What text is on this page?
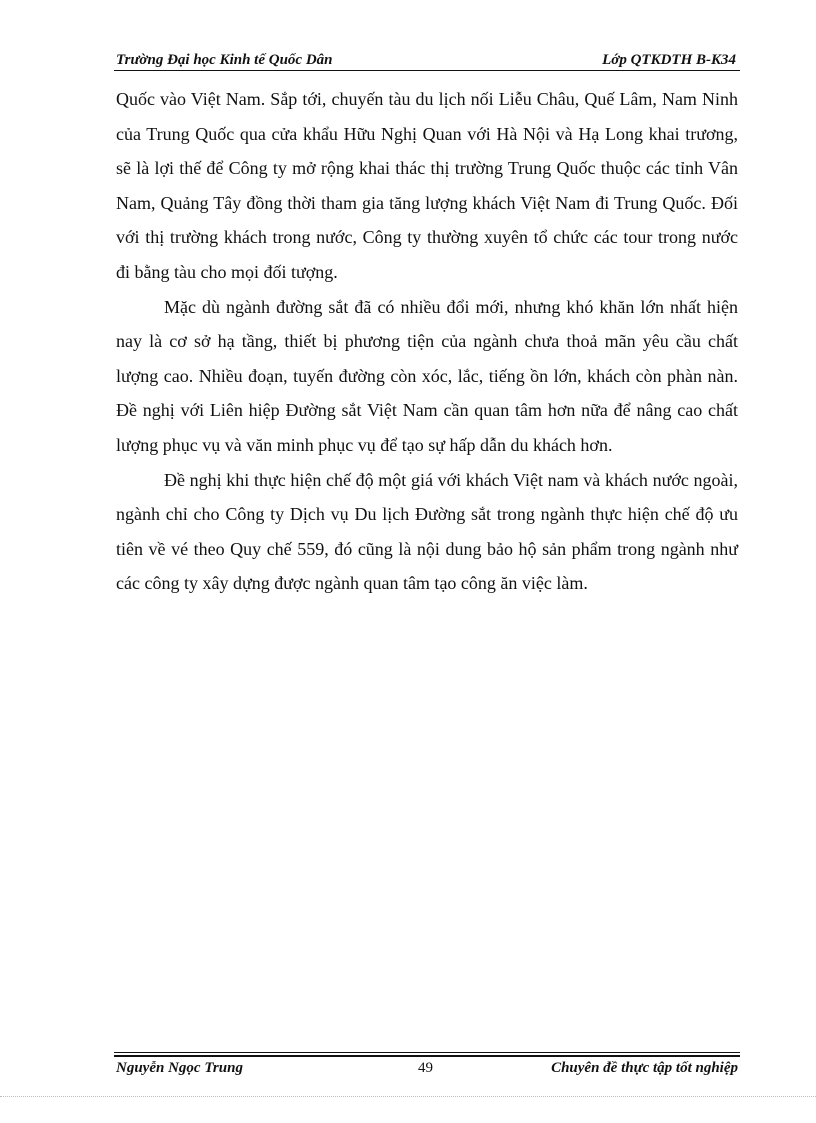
Trường Đại học Kinh tế Quốc Dân	Lớp QTKDTH B-K34

Quốc vào Việt Nam. Sắp tới, chuyến tàu du lịch nối Liễu Châu, Quế Lâm, Nam Ninh của Trung Quốc qua cửa khẩu Hữu Nghị Quan với Hà Nội và Hạ Long khai trương, sẽ là lợi thế để Công ty mở rộng khai thác thị trường Trung Quốc thuộc các tỉnh Vân Nam, Quảng Tây đồng thời tham gia tăng lượng khách Việt Nam đi Trung Quốc. Đối với thị trường khách trong nước, Công ty thường xuyên tổ chức các tour trong nước đi bằng tàu cho mọi đối tượng.

Mặc dù ngành đường sắt đã có nhiều đổi mới, nhưng khó khăn lớn nhất hiện nay là cơ sở hạ tầng, thiết bị phương tiện của ngành chưa thoả mãn yêu cầu chất lượng cao. Nhiều đoạn, tuyến đường còn xóc, lắc, tiếng ồn lớn, khách còn phàn nàn. Đề nghị với Liên hiệp Đường sắt Việt Nam cần quan tâm hơn nữa để nâng cao chất lượng phục vụ và văn minh phục vụ để tạo sự hấp dẫn du khách hơn.

Đề nghị khi thực hiện chế độ một giá với khách Việt nam và khách nước ngoài, ngành chỉ cho Công ty Dịch vụ Du lịch Đường sắt trong ngành thực hiện chế độ ưu tiên về vé theo Quy chế 559, đó cũng là nội dung bảo hộ sản phẩm trong ngành như các công ty xây dựng được ngành quan tâm tạo công ăn việc làm.

Nguyễn Ngọc Trung	49	Chuyên đề thực tập tốt nghiệp
